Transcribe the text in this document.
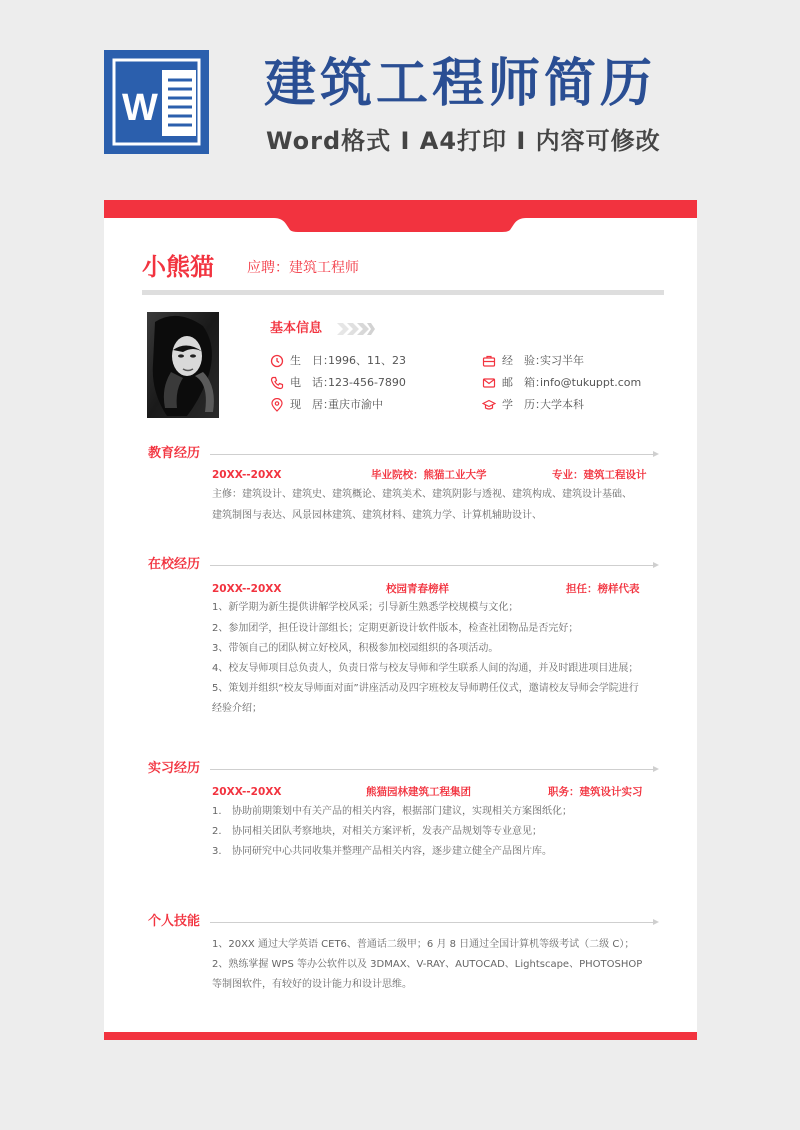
W 建筑工程师简历
Word格式 I A4打印 I 内容可修改
小熊猫 应聘：建筑工程师
基本信息
生　日：
1996、11、23
电　话：
123-456-7890
现　居：
重庆市渝中
经　验：
实习半年
邮　箱：
info@tukuppt.com
学　历：
大学本科
教育经历
20XX--20XX	毕业院校：熊猫工业大学	专业：建筑工程设计
主修：建筑设计、建筑史、建筑概论、建筑美术、建筑阴影与透视、建筑构成、建筑设计基础、
建筑制图与表达、风景园林建筑、建筑材料、建筑力学、计算机辅助设计、
在校经历
20XX--20XX	校园青春榜样	担任：榜样代表
1、新学期为新生提供讲解学校风采；引导新生熟悉学校规模与文化；
2、参加团学，担任设计部组长；定期更新设计软件版本，检查社团物品是否完好；
3、带领自己的团队树立好校风，积极参加校园组织的各项活动。
4、校友导师项目总负责人，负责日常与校友导师和学生联系人间的沟通，并及时跟进项目进展；
5、策划并组织“校友导师面对面”讲座活动及四字班校友导师聘任仪式，邀请校友导师会学院进行
经验介绍；
实习经历
20XX--20XX	熊猫园林建筑工程集团	职务：建筑设计实习
1. 协助前期策划中有关产品的相关内容，根据部门建议，实现相关方案图纸化；
2. 协同相关团队考察地块，对相关方案评析，发表产品规划等专业意见；
3. 协同研究中心共同收集并整理产品相关内容，逐步建立健全产品图片库。
个人技能
1、20XX 通过大学英语 CET6、普通话二级甲；6 月 8 日通过全国计算机等级考试（二级 C）；
2、熟练掌握 WPS 等办公软件以及 3DMAX、V-RAY、AUTOCAD、Lightscape、PHOTOSHOP
等制图软件，有较好的设计能力和设计思维。
